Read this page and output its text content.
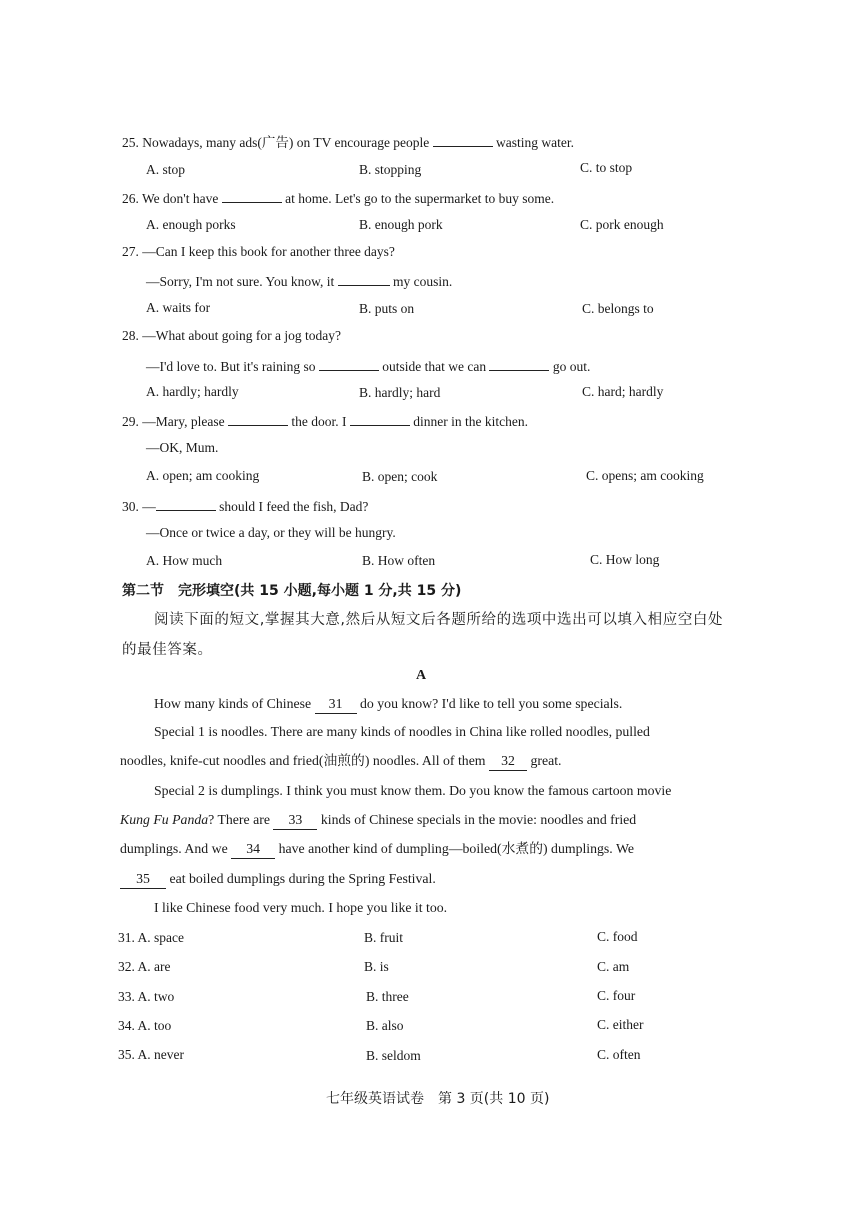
25. Nowadays, many ads(广告) on TV encourage people	wasting water.
A. stop	B. stopping	C. to stop
26. We don't have	at home. Let's go to the supermarket to buy some.
A. enough porks	B. enough pork	C. pork enough
27. —Can I keep this book for another three days?
—Sorry, I'm not sure. You know, it	my cousin.
A. waits for	B. puts on	C. belongs to
28. —What about going for a jog today?
—I'd love to. But it's raining so	outside that we can	go out.
A. hardly; hardly	B. hardly; hard	C. hard; hardly
29. —Mary, please	the door. I	dinner in the kitchen.
—OK, Mum.
A. open; am cooking	B. open; cook	C. opens; am cooking
30. —	should I feed the fish, Dad?
—Once or twice a day, or they will be hungry.
A. How much	B. How often	C. How long
第二节　完形填空(共 15 小题,每小题 1 分,共 15 分)
阅读下面的短文,掌握其大意,然后从短文后各题所给的选项中选出可以填入相应空白处
的最佳答案。
A
How many kinds of Chinese 31 do you know? I'd like to tell you some specials.
Special 1 is noodles. There are many kinds of noodles in China like rolled noodles, pulled
noodles, knife-cut noodles and fried(油煎的) noodles. All of them 32 great.
Special 2 is dumplings. I think you must know them. Do you know the famous cartoon movie
Kung Fu Panda? There are 33 kinds of Chinese specials in the movie: noodles and fried
dumplings. And we 34 have another kind of dumpling—boiled(水煮的) dumplings. We
35 eat boiled dumplings during the Spring Festival.
I like Chinese food very much. I hope you like it too.
31. A. space	B. fruit	C. food
32. A. are	B. is	C. am
33. A. two	B. three	C. four
34. A. too	B. also	C. either
35. A. never	B. seldom	C. often
七年级英语试卷　第 3 页(共 10 页)
